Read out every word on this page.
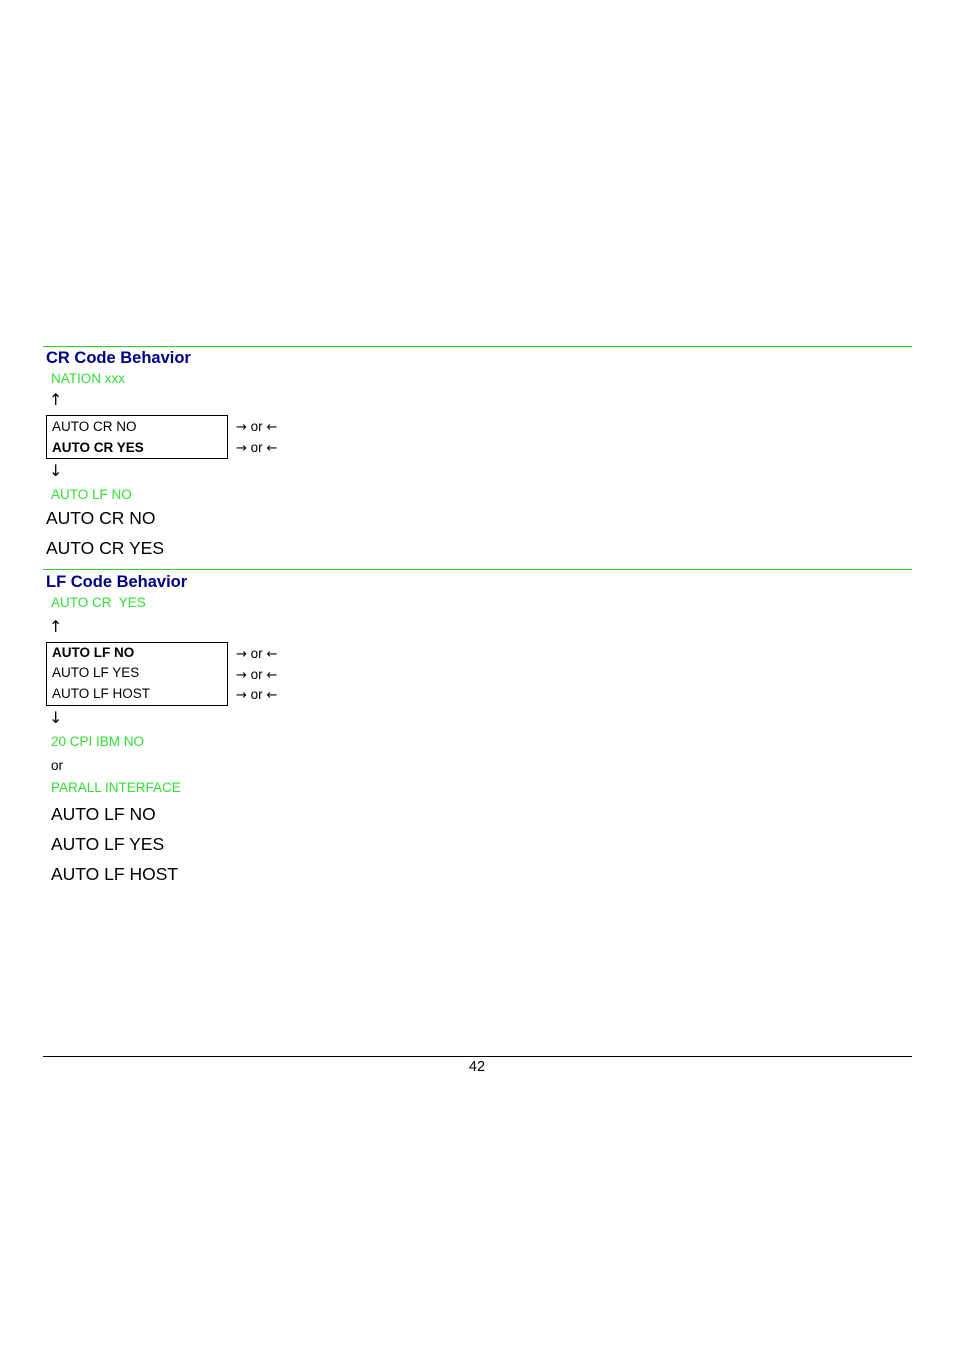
CR Code Behavior
NATION xxx
↑
AUTO CR NO
AUTO CR YES
→ or ←
→ or ←
↓
AUTO LF NO
AUTO CR NO
AUTO CR YES
LF Code Behavior
AUTO CR  YES
↑
AUTO LF NO
AUTO LF YES
AUTO LF HOST
→ or ←
→ or ←
→ or ←
↓
20 CPI IBM NO
or
PARALL INTERFACE
AUTO LF NO
AUTO LF YES
AUTO LF HOST
42
